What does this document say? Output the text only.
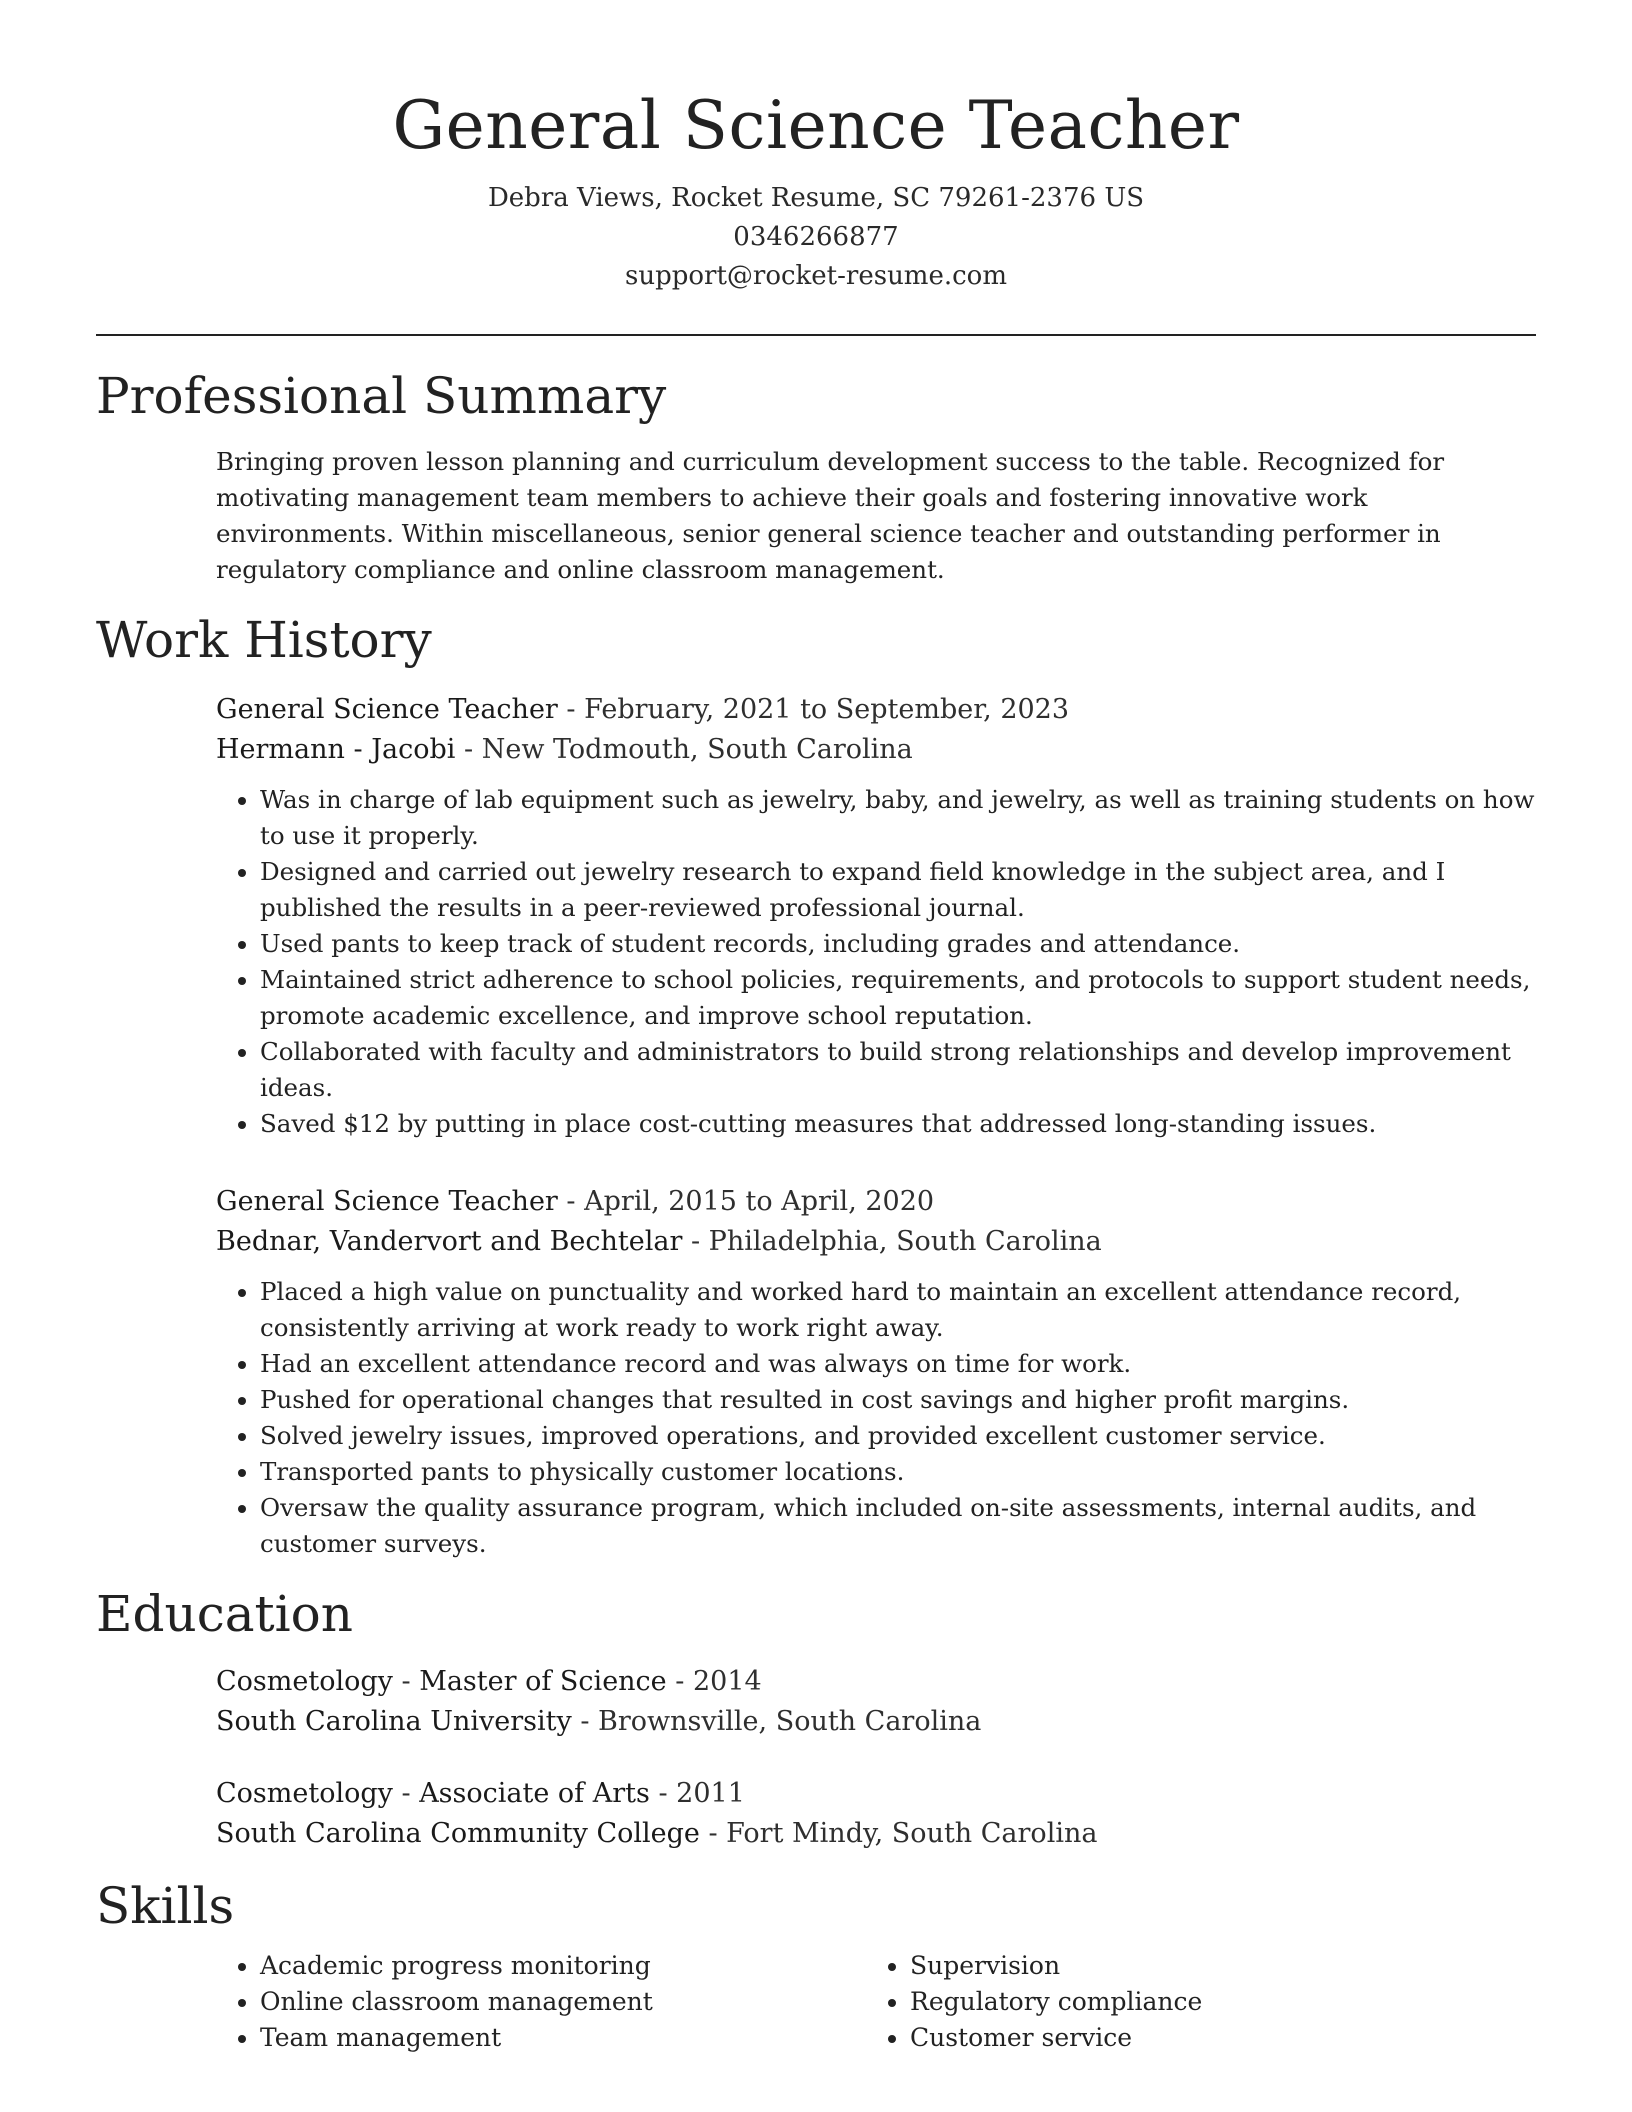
General Science Teacher
Debra Views, Rocket Resume, SC 79261-2376 US
0346266877
support@rocket-resume.com
Professional Summary

Bringing proven lesson planning and curriculum development success to the table. Recognized for motivating management team members to achieve their goals and fostering innovative work environments. Within miscellaneous, senior general science teacher and outstanding performer in regulatory compliance and online classroom management.

Work History
General Science Teacher - February, 2021 to September, 2023
Hermann - Jacobi - New Todmouth, South Carolina
• Was in charge of lab equipment such as jewelry, baby, and jewelry, as well as training students on how to use it properly.
• Designed and carried out jewelry research to expand field knowledge in the subject area, and I published the results in a peer-reviewed professional journal.
• Used pants to keep track of student records, including grades and attendance.
• Maintained strict adherence to school policies, requirements, and protocols to support student needs, promote academic excellence, and improve school reputation.
• Collaborated with faculty and administrators to build strong relationships and develop improvement ideas.
• Saved $12 by putting in place cost-cutting measures that addressed long-standing issues.
General Science Teacher - April, 2015 to April, 2020
Bednar, Vandervort and Bechtelar - Philadelphia, South Carolina
• Placed a high value on punctuality and worked hard to maintain an excellent attendance record, consistently arriving at work ready to work right away.
• Had an excellent attendance record and was always on time for work.
• Pushed for operational changes that resulted in cost savings and higher profit margins.
• Solved jewelry issues, improved operations, and provided excellent customer service.
• Transported pants to physically customer locations.
• Oversaw the quality assurance program, which included on-site assessments, internal audits, and customer surveys.
Education
Cosmetology - Master of Science - 2014
South Carolina University - Brownsville, South Carolina
Cosmetology - Associate of Arts - 2011
South Carolina Community College - Fort Mindy, South Carolina
Skills
• Academic progress monitoring
• Online classroom management
• Team management
• Supervision
• Regulatory compliance
• Customer service
